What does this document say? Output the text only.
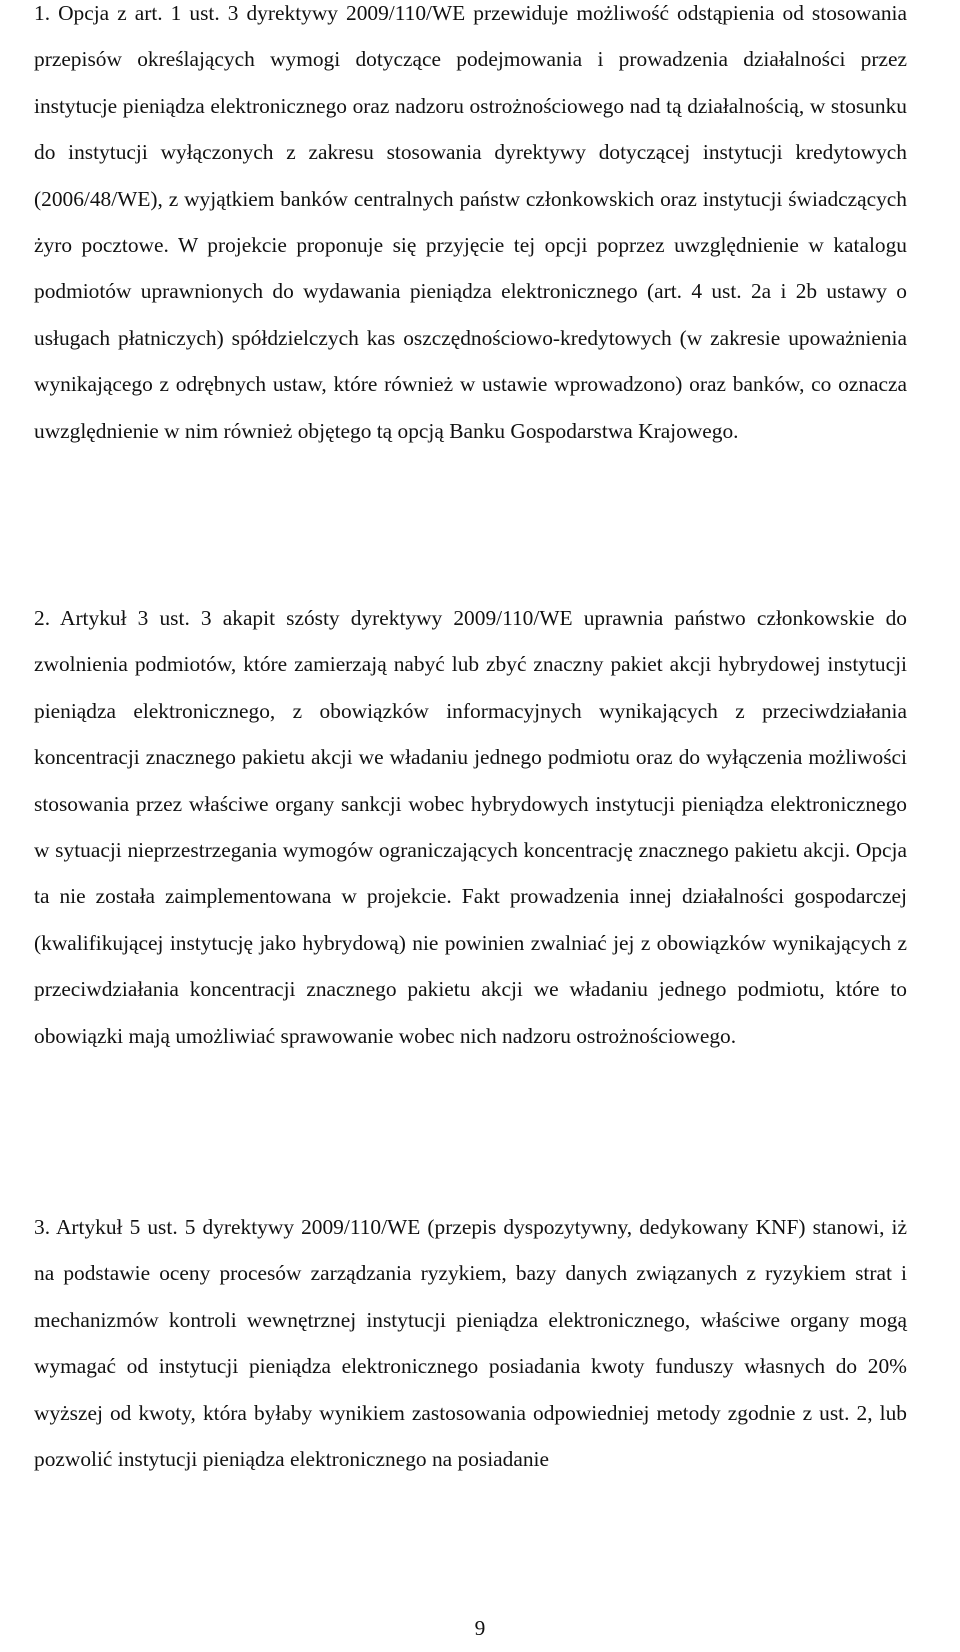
1. Opcja z art. 1 ust. 3 dyrektywy 2009/110/WE przewiduje możliwość odstąpienia od stosowania przepisów określających wymogi dotyczące podejmowania i prowadzenia działalności przez instytucje pieniądza elektronicznego oraz nadzoru ostrożnościowego nad tą działalnością, w stosunku do instytucji wyłączonych z zakresu stosowania dyrektywy dotyczącej instytucji kredytowych (2006/48/WE), z wyjątkiem banków centralnych państw członkowskich oraz instytucji świadczących żyro pocztowe. W projekcie proponuje się przyjęcie tej opcji poprzez uwzględnienie w katalogu podmiotów uprawnionych do wydawania pieniądza elektronicznego (art. 4 ust. 2a i 2b ustawy o usługach płatniczych) spółdzielczych kas oszczędnościowo-kredytowych (w zakresie upoważnienia wynikającego z odrębnych ustaw, które również w ustawie wprowadzono) oraz banków, co oznacza uwzględnienie w nim również objętego tą opcją Banku Gospodarstwa Krajowego.

2. Artykuł 3 ust. 3 akapit szósty dyrektywy 2009/110/WE uprawnia państwo członkowskie do zwolnienia podmiotów, które zamierzają nabyć lub zbyć znaczny pakiet akcji hybrydowej instytucji pieniądza elektronicznego, z obowiązków informacyjnych wynikających z przeciwdziałania koncentracji znacznego pakietu akcji we władaniu jednego podmiotu oraz do wyłączenia możliwości stosowania przez właściwe organy sankcji wobec hybrydowych instytucji pieniądza elektronicznego w sytuacji nieprzestrzegania wymogów ograniczających koncentrację znacznego pakietu akcji. Opcja ta nie została zaimplementowana w projekcie. Fakt prowadzenia innej działalności gospodarczej (kwalifikującej instytucję jako hybrydową) nie powinien zwalniać jej z obowiązków wynikających z przeciwdziałania koncentracji znacznego pakietu akcji we władaniu jednego podmiotu, które to obowiązki mają umożliwiać sprawowanie wobec nich nadzoru ostrożnościowego.

3. Artykuł 5 ust. 5 dyrektywy 2009/110/WE (przepis dyspozytywny, dedykowany KNF) stanowi, iż na podstawie oceny procesów zarządzania ryzykiem, bazy danych związanych z ryzykiem strat i mechanizmów kontroli wewnętrznej instytucji pieniądza elektronicznego, właściwe organy mogą wymagać od instytucji pieniądza elektronicznego posiadania kwoty funduszy własnych do 20% wyższej od kwoty, która byłaby wynikiem zastosowania odpowiedniej metody zgodnie z ust. 2, lub pozwolić instytucji pieniądza elektronicznego na posiadanie

9
